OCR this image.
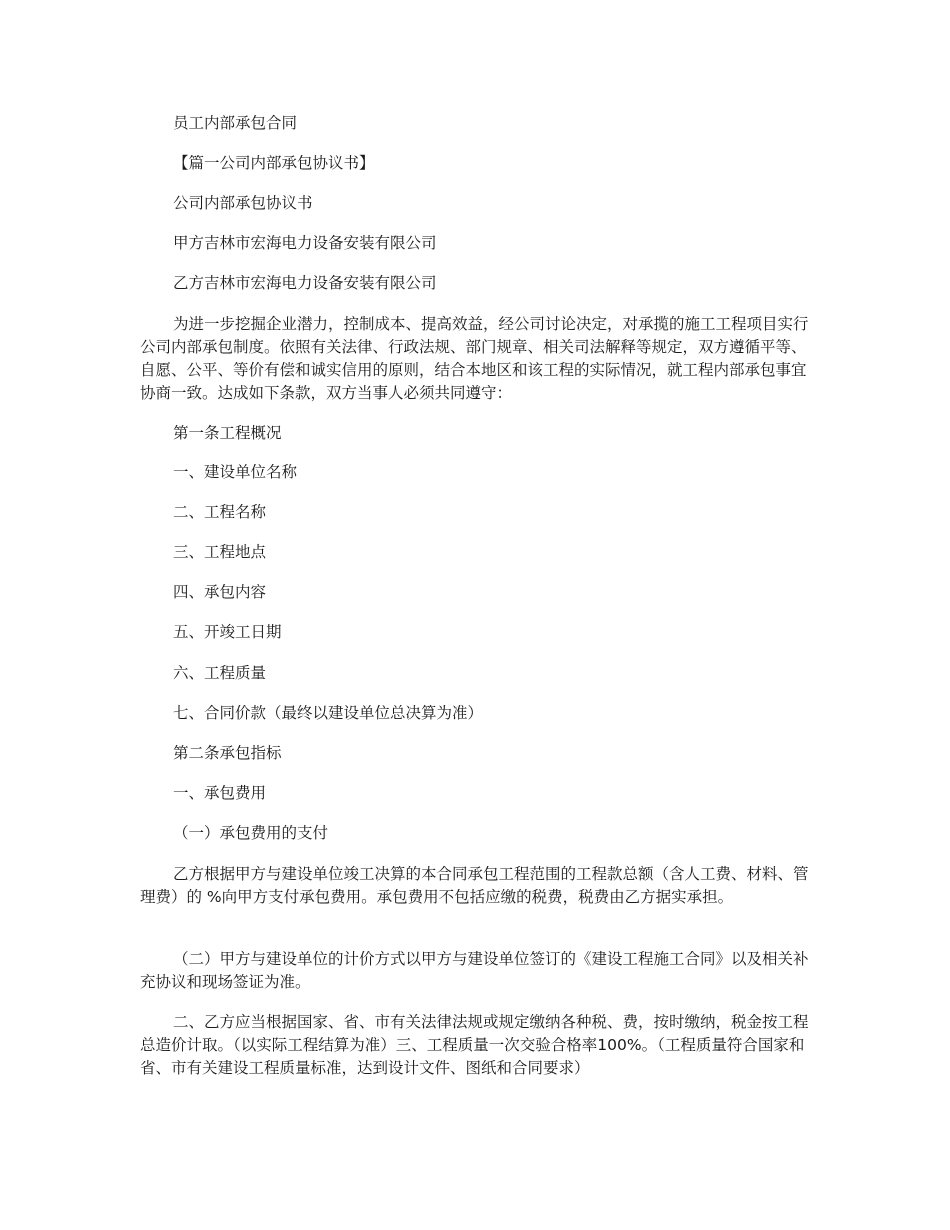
员工内部承包合同

【篇一公司内部承包协议书】

公司内部承包协议书

甲方吉林市宏海电力设备安装有限公司

乙方吉林市宏海电力设备安装有限公司

为进一步挖掘企业潜力，控制成本、提高效益，经公司讨论决定，对承揽的施工工程项目实行公司内部承包制度。依照有关法律、行政法规、部门规章、相关司法解释等规定，双方遵循平等、自愿、公平、等价有偿和诚实信用的原则，结合本地区和该工程的实际情况，就工程内部承包事宜协商一致。达成如下条款，双方当事人必须共同遵守：

第一条工程概况

一、建设单位名称

二、工程名称

三、工程地点

四、承包内容

五、开竣工日期

六、工程质量

七、合同价款（最终以建设单位总决算为准）

第二条承包指标

一、承包费用

（一）承包费用的支付

乙方根据甲方与建设单位竣工决算的本合同承包工程范围的工程款总额（含人工费、材料、管理费）的 %向甲方支付承包费用。承包费用不包括应缴的税费，税费由乙方据实承担。

（二）甲方与建设单位的计价方式以甲方与建设单位签订的《建设工程施工合同》以及相关补充协议和现场签证为准。

二、乙方应当根据国家、省、市有关法律法规或规定缴纳各种税、费，按时缴纳，税金按工程总造价计取。（以实际工程结算为准）三、工程质量一次交验合格率100%。（工程质量符合国家和省、市有关建设工程质量标准，达到设计文件、图纸和合同要求）
